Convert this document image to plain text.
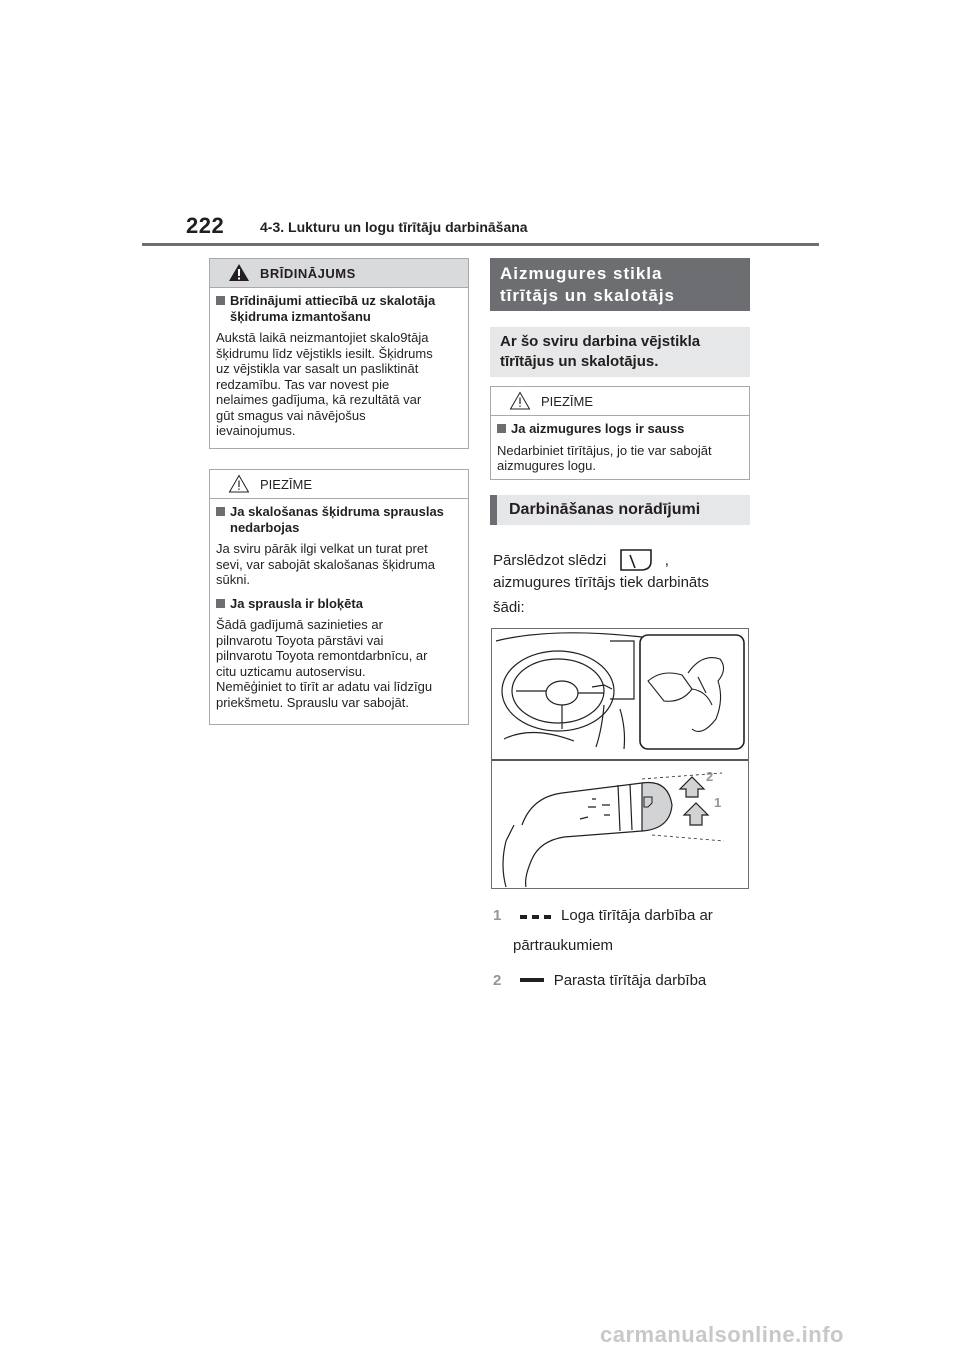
222	4-3. Lukturu un logu tīrītāju darbināšana
BRĪDINĀJUMS
Brīdinājumi attiecībā uz skalotāja šķidruma izmantošanu
Aukstā laikā neizmantojiet skalo9tāja
šķidrumu līdz vējstikls iesilt. Šķidrums
uz vējstikla var sasalt un pasliktināt
redzamību. Tas var novest pie
nelaimes gadījuma, kā rezultātā var
gūt smagus vai nāvējošus
ievainojumus.
PIEZĪME
Ja skalošanas šķidruma sprauslas nedarbojas
Ja sviru pārāk ilgi velkat un turat pret
sevi, var sabojāt skalošanas šķidruma
sūkni.
Ja sprausla ir bloķēta
Šādā gadījumā sazinieties ar
pilnvarotu Toyota pārstāvi vai
pilnvarotu Toyota remontdarbnīcu, ar
citu uzticamu autoservisu.
Nemēģiniet to tīrīt ar adatu vai līdzīgu
priekšmetu. Sprauslu var sabojāt.
Aizmugures stikla
tīrītājs un skalotājs
Ar šo sviru darbina vējstikla
tīrītājus un skalotājus.
PIEZĪME
Ja aizmugures logs ir sauss
Nedarbiniet tīrītājus, jo tie var sabojāt
aizmugures logu.
Darbināšanas norādījumi
Pārslēdzot slēdzi	,
aizmugures tīrītājs tiek darbināts
šādi:
2
1
1	Loga tīrītāja darbība ar
pārtraukumiem
2	Parasta tīrītāja darbība
carmanualsonline.info
